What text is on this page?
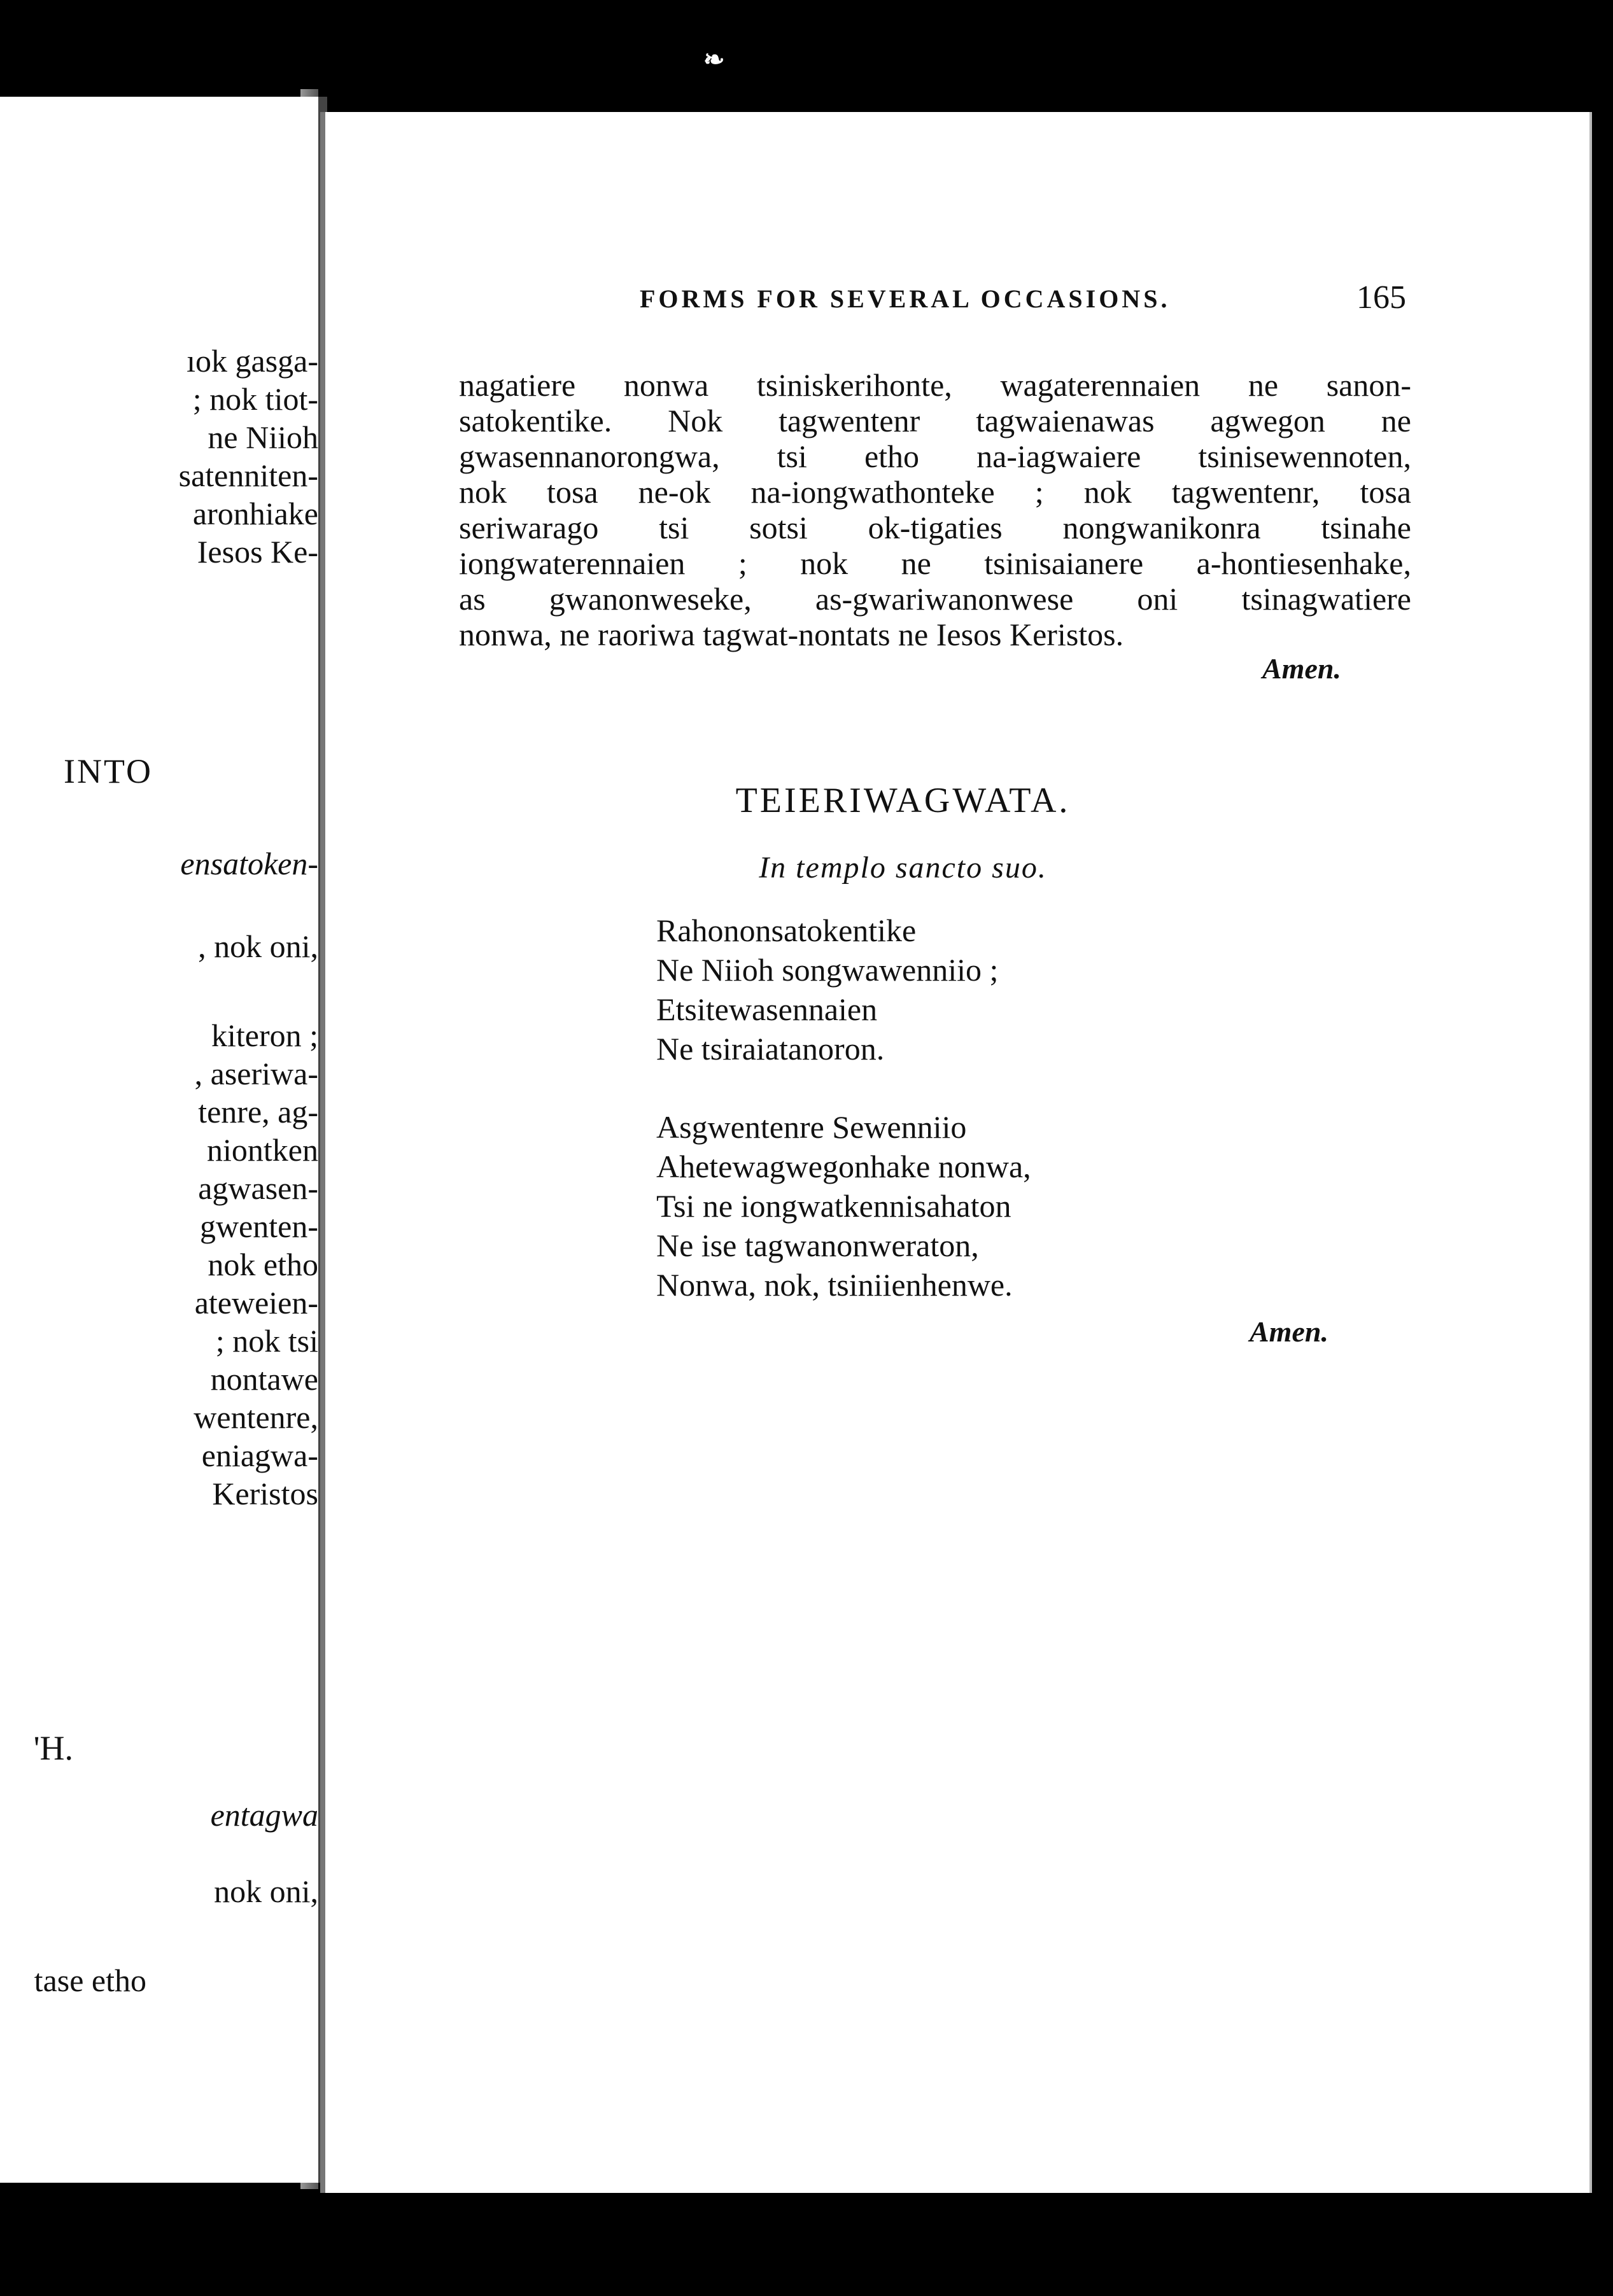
❧
ıok gasga-
; nok tiot-
ne Niioh
satenniten-
aronhiake
Iesos Ke-
INTO
ensatoken-
, nok oni,
kiteron ;
, aseriwa-
tenre, ag-
niontken
agwasen-
gwenten-
nok etho
ateweien-
; nok tsi
nontawe
wentenre,
eniagwa-
Keristos
'H.
entagwa
nok oni,
tase etho
FORMS FOR SEVERAL OCCASIONS.	165
nagatiere nonwa tsiniskerihonte, wagaterennaien ne sanon-
satokentike. Nok tagwentenr tagwaienawas agwegon ne
gwasennanorongwa, tsi etho na-iagwaiere tsinisewennoten,
nok tosa ne-ok na-iongwathonteke ; nok tagwentenr, tosa
seriwarago tsi sotsi ok-tigaties nongwanikonra tsinahe
iongwaterennaien ; nok ne tsinisaianere a-hontiesenhake,
as gwanonweseke, as-gwariwanonwese oni tsinagwatiere
nonwa, ne raoriwa tagwat-nontats ne Iesos Keristos.
Amen.
TEIERIWAGWATA.
In templo sancto suo.
Rahononsatokentike
Ne Niioh songwawenniio ;
Etsitewasennaien
Ne tsiraiatanoron.
Asgwentenre Sewenniio
Ahetewagwegonhake nonwa,
Tsi ne iongwatkennisahaton
Ne ise tagwanonweraton,
Nonwa, nok, tsiniienhenwe.
Amen.
